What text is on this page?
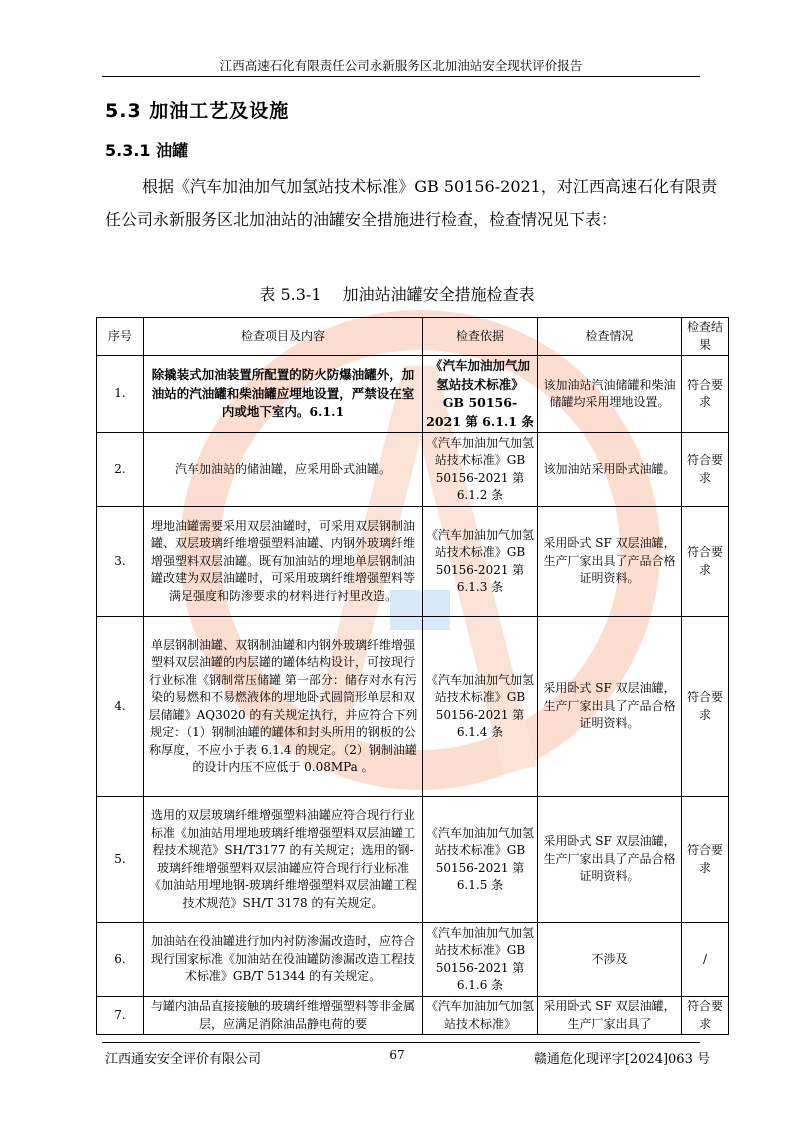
江西高速石化有限责任公司永新服务区北加油站安全现状评价报告
5.3 加油工艺及设施
5.3.1 油罐
根据《汽车加油加气加氢站技术标准》GB 50156-2021，对江西高速石化有限责任公司永新服务区北加油站的油罐安全措施进行检查，检查情况见下表：
表 5.3-1　 加油站油罐安全措施检查表
序号	检查项目及内容	检查依据	检查情况	检查结果
1.	除撬装式加油装置所配置的防火防爆油罐外，加油站的汽油罐和柴油罐应埋地设置，严禁设在室内或地下室内。6.1.1	《汽车加油加气加氢站技术标准》GB 50156-2021 第 6.1.1 条	该加油站汽油储罐和柴油储罐均采用埋地设置。	符合要求
2.	汽车加油站的储油罐，应采用卧式油罐。	《汽车加油加气加氢站技术标准》GB 50156-2021 第 6.1.2 条	该加油站采用卧式油罐。	符合要求
3.	埋地油罐需要采用双层油罐时，可采用双层钢制油罐、双层玻璃纤维增强塑料油罐、内钢外玻璃纤维增强塑料双层油罐。既有加油站的埋地单层钢制油罐改建为双层油罐时，可采用玻璃纤维增强塑料等满足强度和防渗要求的材料进行衬里改造。	《汽车加油加气加氢站技术标准》GB 50156-2021 第 6.1.3 条	采用卧式 SF 双层油罐，生产厂家出具了产品合格证明资料。	符合要求
4.	单层钢制油罐、双钢制油罐和内钢外玻璃纤维增强塑料双层油罐的内层罐的罐体结构设计，可按现行行业标准《钢制常压储罐 第一部分：储存对水有污染的易燃和不易燃液体的埋地卧式圆筒形单层和双层储罐》AQ3020 的有关规定执行，并应符合下列规定：（1）钢制油罐的罐体和封头所用的钢板的公称厚度，不应小于表 6.1.4 的规定。（2）钢制油罐的设计内压不应低于 0.08MPa 。	《汽车加油加气加氢站技术标准》GB 50156-2021 第 6.1.4 条	采用卧式 SF 双层油罐，生产厂家出具了产品合格证明资料。	符合要求
5.	选用的双层玻璃纤维增强塑料油罐应符合现行行业标准《加油站用埋地玻璃纤维增强塑料双层油罐工程技术规范》SH/T3177 的有关规定；选用的钢-玻璃纤维增强塑料双层油罐应符合现行行业标准《加油站用埋地钢-玻璃纤维增强塑料双层油罐工程技术规范》SH/T 3178 的有关规定。	《汽车加油加气加氢站技术标准》GB 50156-2021 第 6.1.5 条	采用卧式 SF 双层油罐，生产厂家出具了产品合格证明资料。	符合要求
6.	加油站在役油罐进行加内衬防渗漏改造时，应符合现行国家标准《加油站在役油罐防渗漏改造工程技术标准》GB/T 51344 的有关规定。	《汽车加油加气加氢站技术标准》GB 50156-2021 第 6.1.6 条	不涉及	/
7.	与罐内油品直接接触的玻璃纤维增强塑料等非金属层，应满足消除油品静电荷的要	《汽车加油加气加氢站技术标准》	采用卧式 SF 双层油罐，生产厂家出具了	符合要求
江西通安安全评价有限公司	67	赣通危化现评字[2024]063 号
